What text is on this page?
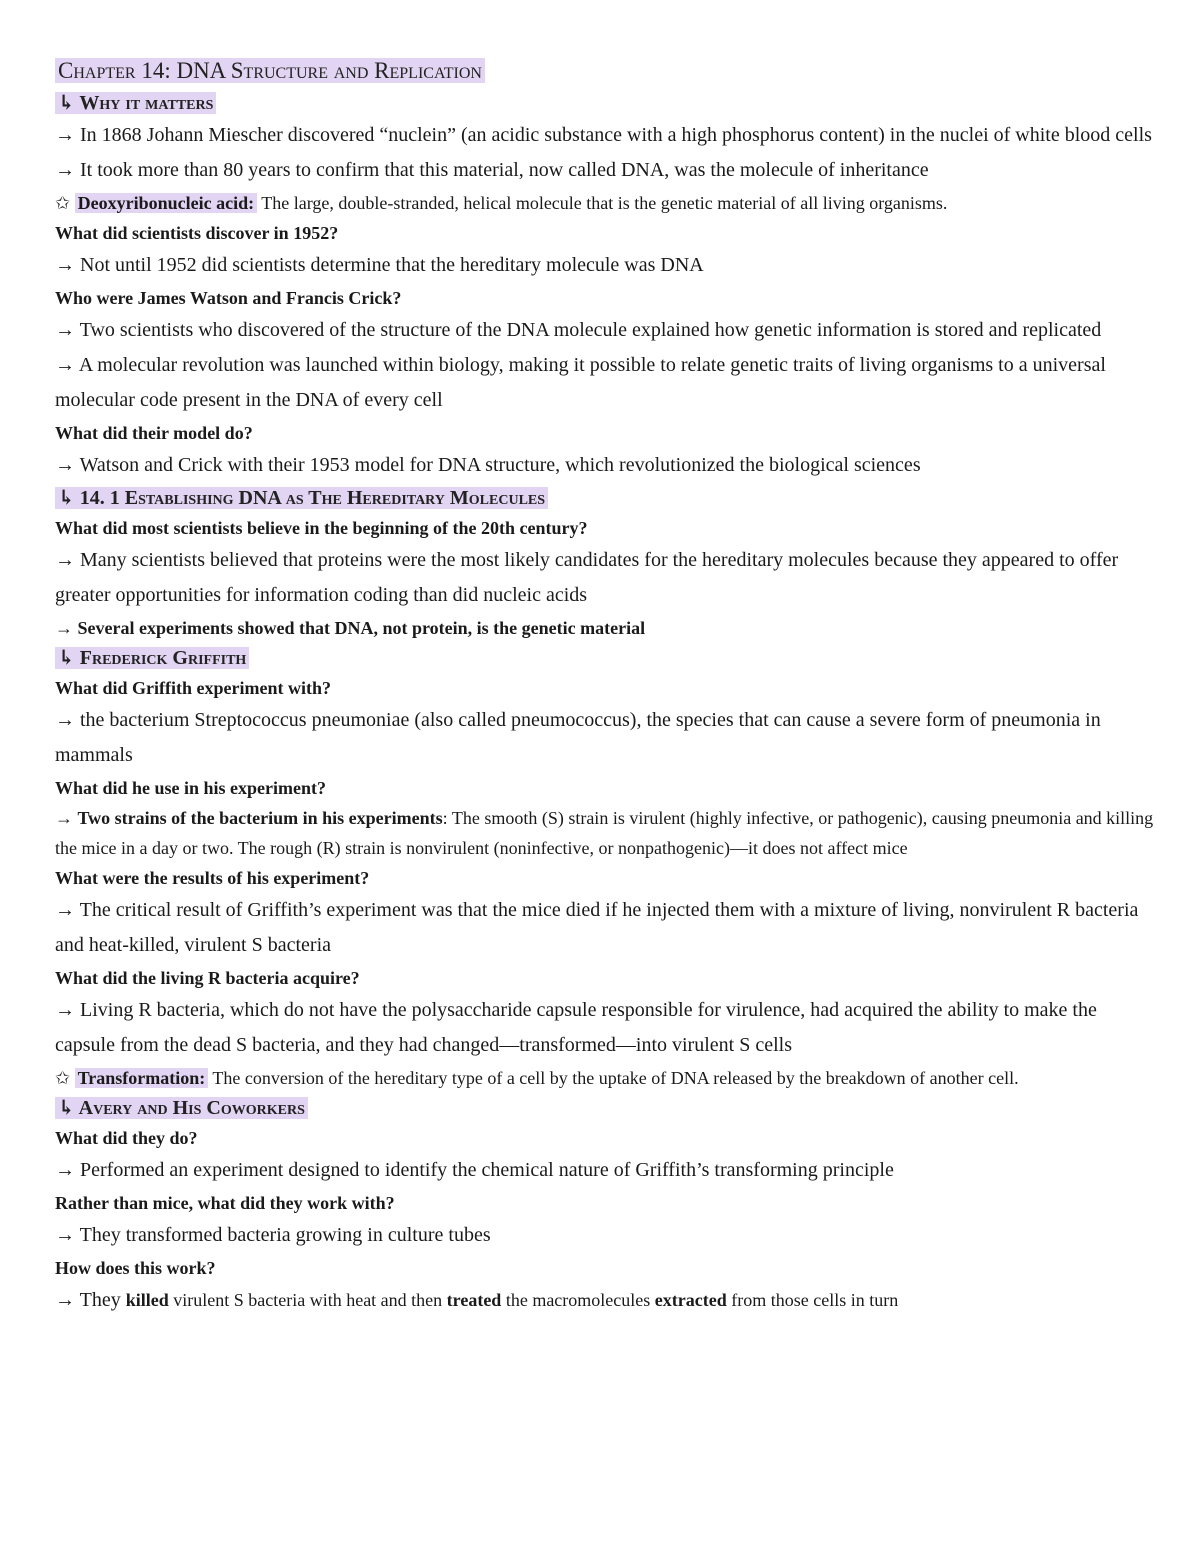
Chapter 14: DNA Structure and Replication
↳ Why it matters
→ In 1868 Johann Miescher discovered “nuclein” (an acidic substance with a high phosphorus content) in the nuclei of white blood cells
→ It took more than 80 years to confirm that this material, now called DNA, was the molecule of inheritance
✩ Deoxyribonucleic acid: The large, double-stranded, helical molecule that is the genetic material of all living organisms.
What did scientists discover in 1952?
→ Not until 1952 did scientists determine that the hereditary molecule was DNA
Who were James Watson and Francis Crick?
→ Two scientists who discovered of the structure of the DNA molecule explained how genetic information is stored and replicated
→ A molecular revolution was launched within biology, making it possible to relate genetic traits of living organisms to a universal molecular code present in the DNA of every cell
What did their model do?
→ Watson and Crick with their 1953 model for DNA structure, which revolutionized the biological sciences
↳ 14. 1 Establishing DNA as The Hereditary Molecules
What did most scientists believe in the beginning of the 20th century?
→ Many scientists believed that proteins were the most likely candidates for the hereditary molecules because they appeared to offer greater opportunities for information coding than did nucleic acids
→ Several experiments showed that DNA, not protein, is the genetic material
↳ Frederick Griffith
What did Griffith experiment with?
→ the bacterium Streptococcus pneumoniae (also called pneumococcus), the species that can cause a severe form of pneumonia in mammals
What did he use in his experiment?
→ Two strains of the bacterium in his experiments: The smooth (S) strain is virulent (highly infective, or pathogenic), causing pneumonia and killing the mice in a day or two. The rough (R) strain is nonvirulent (noninfective, or nonpathogenic)—it does not affect mice
What were the results of his experiment?
→ The critical result of Griffith’s experiment was that the mice died if he injected them with a mixture of living, nonvirulent R bacteria and heat-killed, virulent S bacteria
What did the living R bacteria acquire?
→ Living R bacteria, which do not have the polysaccharide capsule responsible for virulence, had acquired the ability to make the capsule from the dead S bacteria, and they had changed—transformed—into virulent S cells
✩ Transformation: The conversion of the hereditary type of a cell by the uptake of DNA released by the breakdown of another cell.
↳ Avery and His Coworkers
What did they do?
→ Performed an experiment designed to identify the chemical nature of Griffith’s transforming principle
Rather than mice, what did they work with?
→ They transformed bacteria growing in culture tubes
How does this work?
→ They killed virulent S bacteria with heat and then treated the macromolecules extracted from those cells in turn
